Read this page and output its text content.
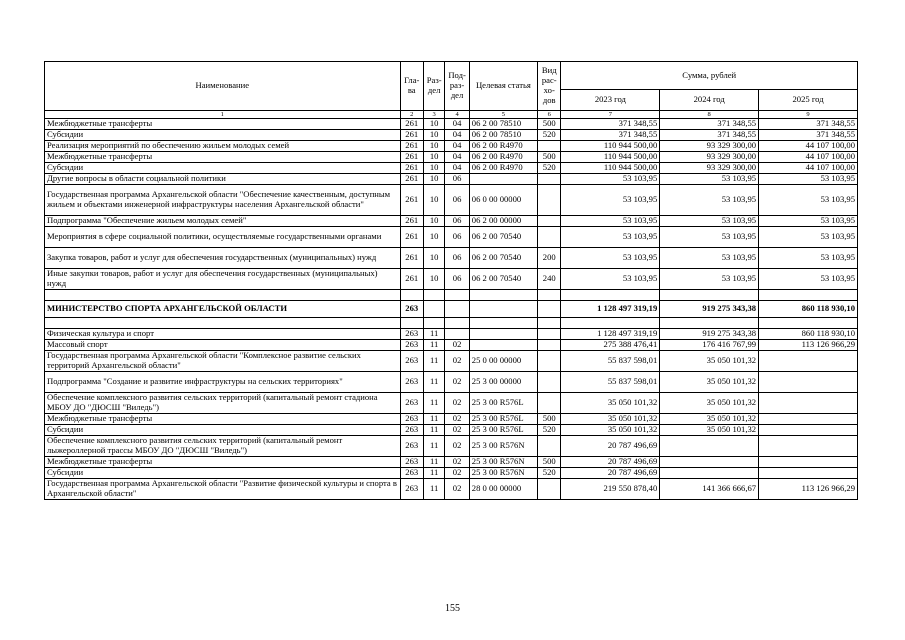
Наименование	Гла-ва	Раз-дел	Под-раз-дел	Целевая статья	Вид рас-хо-дов	Сумма, рублей		
						2023 год	2024 год	2025 год
1	2	3	4	5	6	7	8	9
Межбюджетные трансферты	261	10	04	06 2 00 78510	500	371 348,55	371 348,55	371 348,55
Субсидии	261	10	04	06 2 00 78510	520	371 348,55	371 348,55	371 348,55
Реализация мероприятий по обеспечению жильем молодых семей	261	10	04	06 2 00 R4970		110 944 500,00	93 329 300,00	44 107 100,00
Межбюджетные трансферты	261	10	04	06 2 00 R4970	500	110 944 500,00	93 329 300,00	44 107 100,00
Субсидии	261	10	04	06 2 00 R4970	520	110 944 500,00	93 329 300,00	44 107 100,00
Другие вопросы в области социальной политики	261	10	06			53 103,95	53 103,95	53 103,95
Государственная программа Архангельской области "Обеспечение качественным, доступным жильем и объектами инженерной инфраструктуры населения Архангельской области"	261	10	06	06 0 00 00000		53 103,95	53 103,95	53 103,95
Подпрограмма "Обеспечение жильем молодых семей"	261	10	06	06 2 00 00000		53 103,95	53 103,95	53 103,95
Мероприятия в сфере социальной политики, осуществляемые государственными органами	261	10	06	06 2 00 70540		53 103,95	53 103,95	53 103,95
Закупка товаров, работ и услуг для обеспечения государственных (муниципальных) нужд	261	10	06	06 2 00 70540	200	53 103,95	53 103,95	53 103,95
Иные закупки товаров, работ и услуг для обеспечения государственных (муниципальных) нужд	261	10	06	06 2 00 70540	240	53 103,95	53 103,95	53 103,95

МИНИСТЕРСТВО СПОРТА АРХАНГЕЛЬСКОЙ ОБЛАСТИ	263					1 128 497 319,19	919 275 343,38	860 118 930,10

Физическая культура и спорт	263	11				1 128 497 319,19	919 275 343,38	860 118 930,10
Массовый спорт	263	11	02			275 388 476,41	176 416 767,99	113 126 966,29
Государственная программа Архангельской области "Комплексное развитие сельских территорий Архангельской области"	263	11	02	25 0 00 00000		55 837 598,01	35 050 101,32	
Подпрограмма "Создание и развитие инфраструктуры на сельских территориях"	263	11	02	25 3 00 00000		55 837 598,01	35 050 101,32	
Обеспечение комплексного развития сельских территорий (капитальный ремонт стадиона МБОУ ДО "ДЮСШ "Виледь")	263	11	02	25 3 00 R576L		35 050 101,32	35 050 101,32	
Межбюджетные трансферты	263	11	02	25 3 00 R576L	500	35 050 101,32	35 050 101,32	
Субсидии	263	11	02	25 3 00 R576L	520	35 050 101,32	35 050 101,32	
Обеспечение комплексного развития сельских территорий (капитальный ремонт лыжероллерной трассы МБОУ ДО "ДЮСШ "Виледь")	263	11	02	25 3 00 R576N		20 787 496,69		
Межбюджетные трансферты	263	11	02	25 3 00 R576N	500	20 787 496,69		
Субсидии	263	11	02	25 3 00 R576N	520	20 787 496,69		
Государственная программа Архангельской области "Развитие физической культуры и спорта в Архангельской области"	263	11	02	28 0 00 00000		219 550 878,40	141 366 666,67	113 126 966,29
155
